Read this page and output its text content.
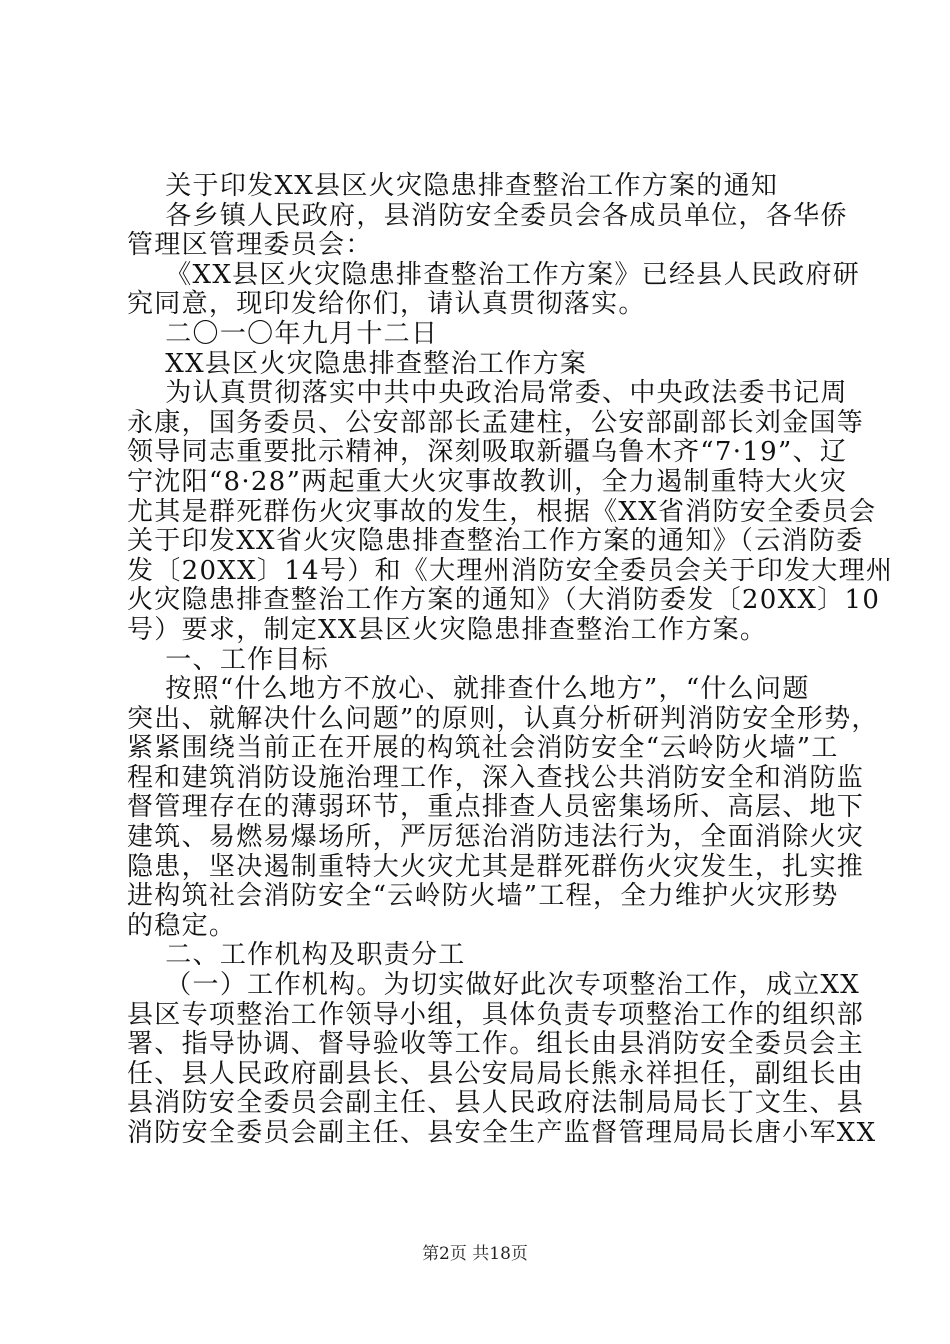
关于印发XX县区火灾隐患排查整治工作方案的通知
各乡镇人民政府，县消防安全委员会各成员单位，各华侨
管理区管理委员会：
《XX县区火灾隐患排查整治工作方案》已经县人民政府研
究同意，现印发给你们，请认真贯彻落实。
二〇一〇年九月十二日
XX县区火灾隐患排查整治工作方案
为认真贯彻落实中共中央政治局常委、中央政法委书记周
永康，国务委员、公安部部长孟建柱，公安部副部长刘金国等
领导同志重要批示精神，深刻吸取新疆乌鲁木齐“7·19”、辽
宁沈阳“8·28”两起重大火灾事故教训，全力遏制重特大火灾
尤其是群死群伤火灾事故的发生，根据《XX省消防安全委员会
关于印发XX省火灾隐患排查整治工作方案的通知》（云消防委
发〔20XX〕14号）和《大理州消防安全委员会关于印发大理州
火灾隐患排查整治工作方案的通知》（大消防委发〔20XX〕10
号）要求，制定XX县区火灾隐患排查整治工作方案。
一、工作目标
按照“什么地方不放心、就排查什么地方”，“什么问题
突出、就解决什么问题”的原则，认真分析研判消防安全形势，
紧紧围绕当前正在开展的构筑社会消防安全“云岭防火墙”工
程和建筑消防设施治理工作，深入查找公共消防安全和消防监
督管理存在的薄弱环节，重点排查人员密集场所、高层、地下
建筑、易燃易爆场所，严厉惩治消防违法行为，全面消除火灾
隐患，坚决遏制重特大火灾尤其是群死群伤火灾发生，扎实推
进构筑社会消防安全“云岭防火墙”工程，全力维护火灾形势
的稳定。
二、工作机构及职责分工
（一）工作机构。为切实做好此次专项整治工作，成立XX
县区专项整治工作领导小组，具体负责专项整治工作的组织部
署、指导协调、督导验收等工作。组长由县消防安全委员会主
任、县人民政府副县长、县公安局局长熊永祥担任，副组长由
县消防安全委员会副主任、县人民政府法制局局长丁文生、县
消防安全委员会副主任、县安全生产监督管理局局长唐小军XX
第2页 共18页
